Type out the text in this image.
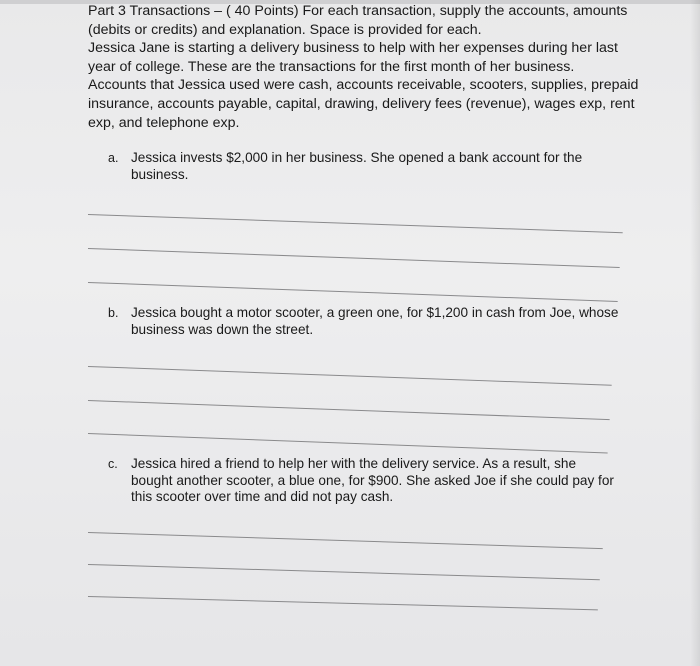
Part 3 Transactions – ( 40 Points) For each transaction, supply the accounts, amounts
(debits or credits) and explanation. Space is provided for each.
Jessica Jane is starting a delivery business to help with her expenses during her last
year of college. These are the transactions for the first month of her business.
Accounts that Jessica used were cash, accounts receivable, scooters, supplies, prepaid
insurance, accounts payable, capital, drawing, delivery fees (revenue), wages exp, rent
exp, and telephone exp.

a. Jessica invests $2,000 in her business. She opened a bank account for the
business.
b. Jessica bought a motor scooter, a green one, for $1,200 in cash from Joe, whose
business was down the street.
c. Jessica hired a friend to help her with the delivery service. As a result, she
bought another scooter, a blue one, for $900. She asked Joe if she could pay for
this scooter over time and did not pay cash.
